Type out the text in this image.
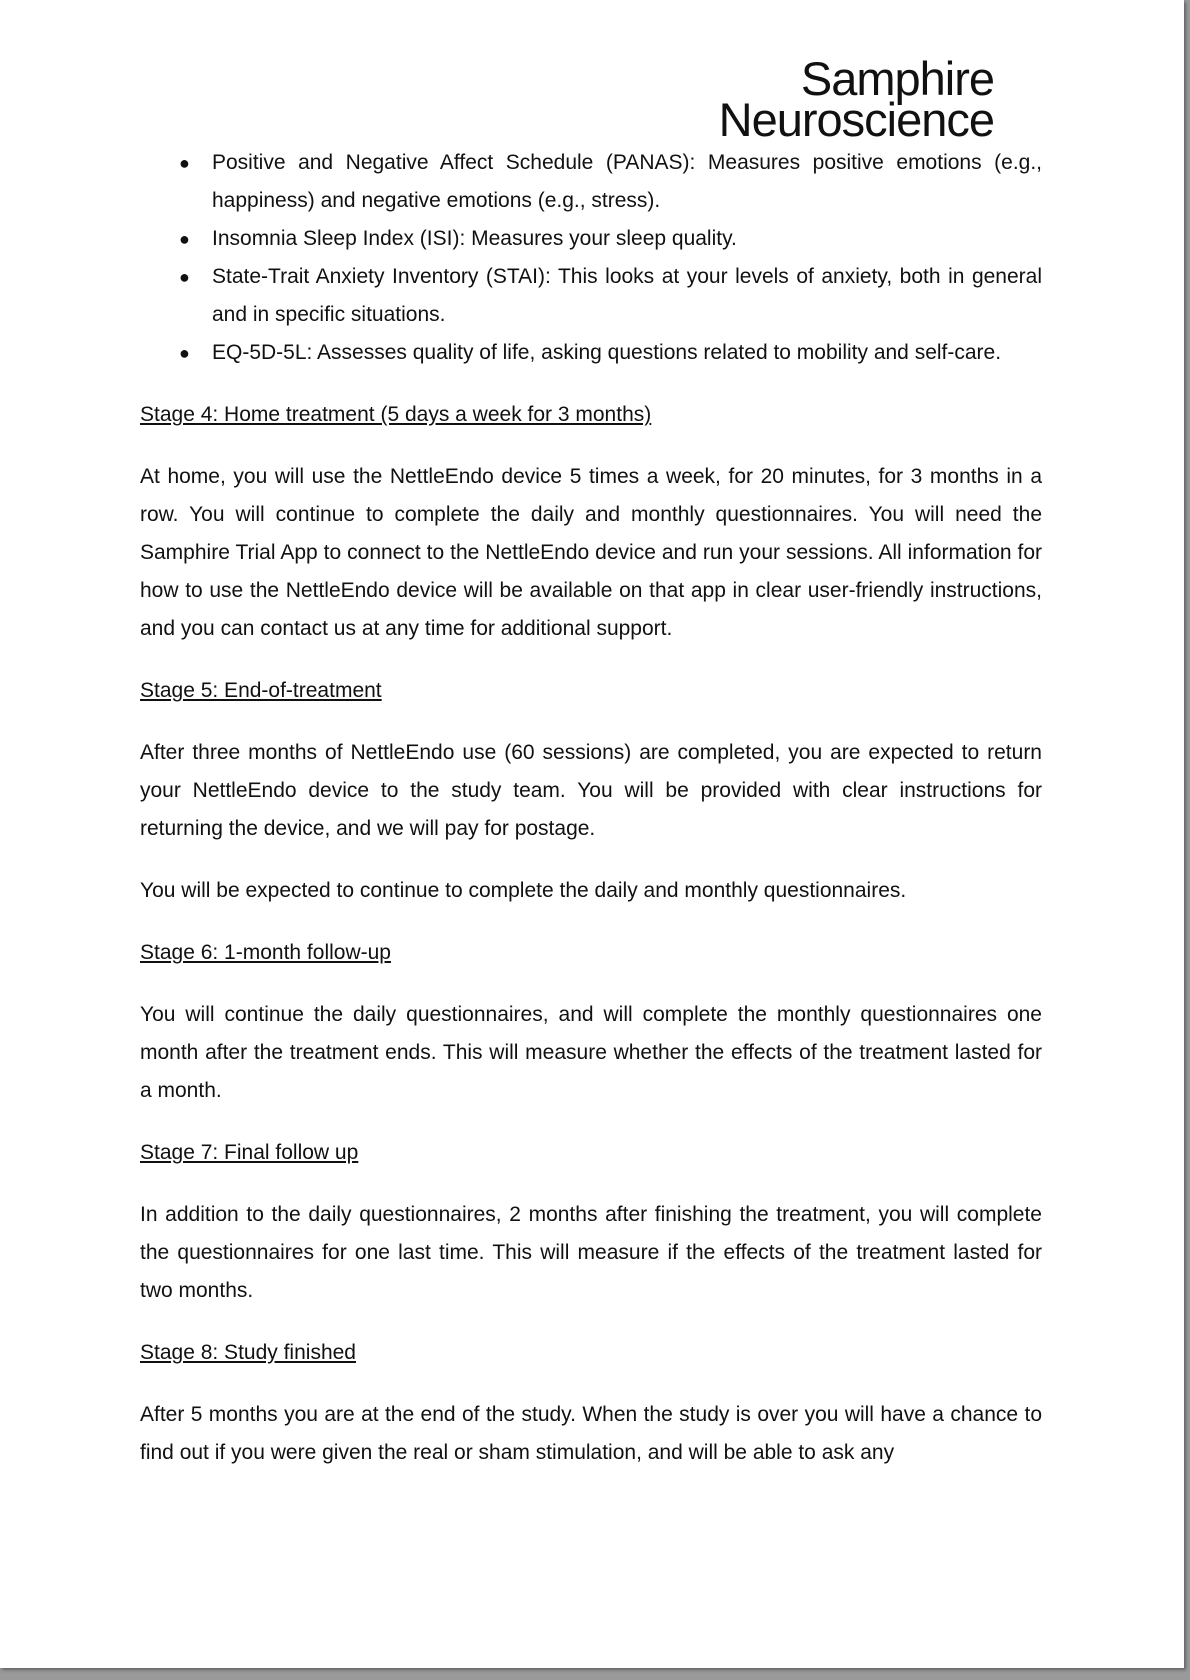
Samphire
Neuroscience
● Positive and Negative Affect Schedule (PANAS): Measures positive emotions (e.g., happiness) and negative emotions (e.g., stress).
● Insomnia Sleep Index (ISI): Measures your sleep quality.
● State-Trait Anxiety Inventory (STAI): This looks at your levels of anxiety, both in general and in specific situations.
● EQ-5D-5L: Assesses quality of life, asking questions related to mobility and self-care.
Stage 4: Home treatment (5 days a week for 3 months)

At home, you will use the NettleEndo device 5 times a week, for 20 minutes, for 3 months in a row. You will continue to complete the daily and monthly questionnaires. You will need the Samphire Trial App to connect to the NettleEndo device and run your sessions. All information for how to use the NettleEndo device will be available on that app in clear user-friendly instructions, and you can contact us at any time for additional support.

Stage 5: End-of-treatment

After three months of NettleEndo use (60 sessions) are completed, you are expected to return your NettleEndo device to the study team. You will be provided with clear instructions for returning the device, and we will pay for postage.

You will be expected to continue to complete the daily and monthly questionnaires.

Stage 6: 1-month follow-up

You will continue the daily questionnaires, and will complete the monthly questionnaires one month after the treatment ends. This will measure whether the effects of the treatment lasted for a month.

Stage 7: Final follow up

In addition to the daily questionnaires, 2 months after finishing the treatment, you will complete the questionnaires for one last time. This will measure if the effects of the treatment lasted for two months.

Stage 8: Study finished

After 5 months you are at the end of the study. When the study is over you will have a chance to find out if you were given the real or sham stimulation, and will be able to ask any
